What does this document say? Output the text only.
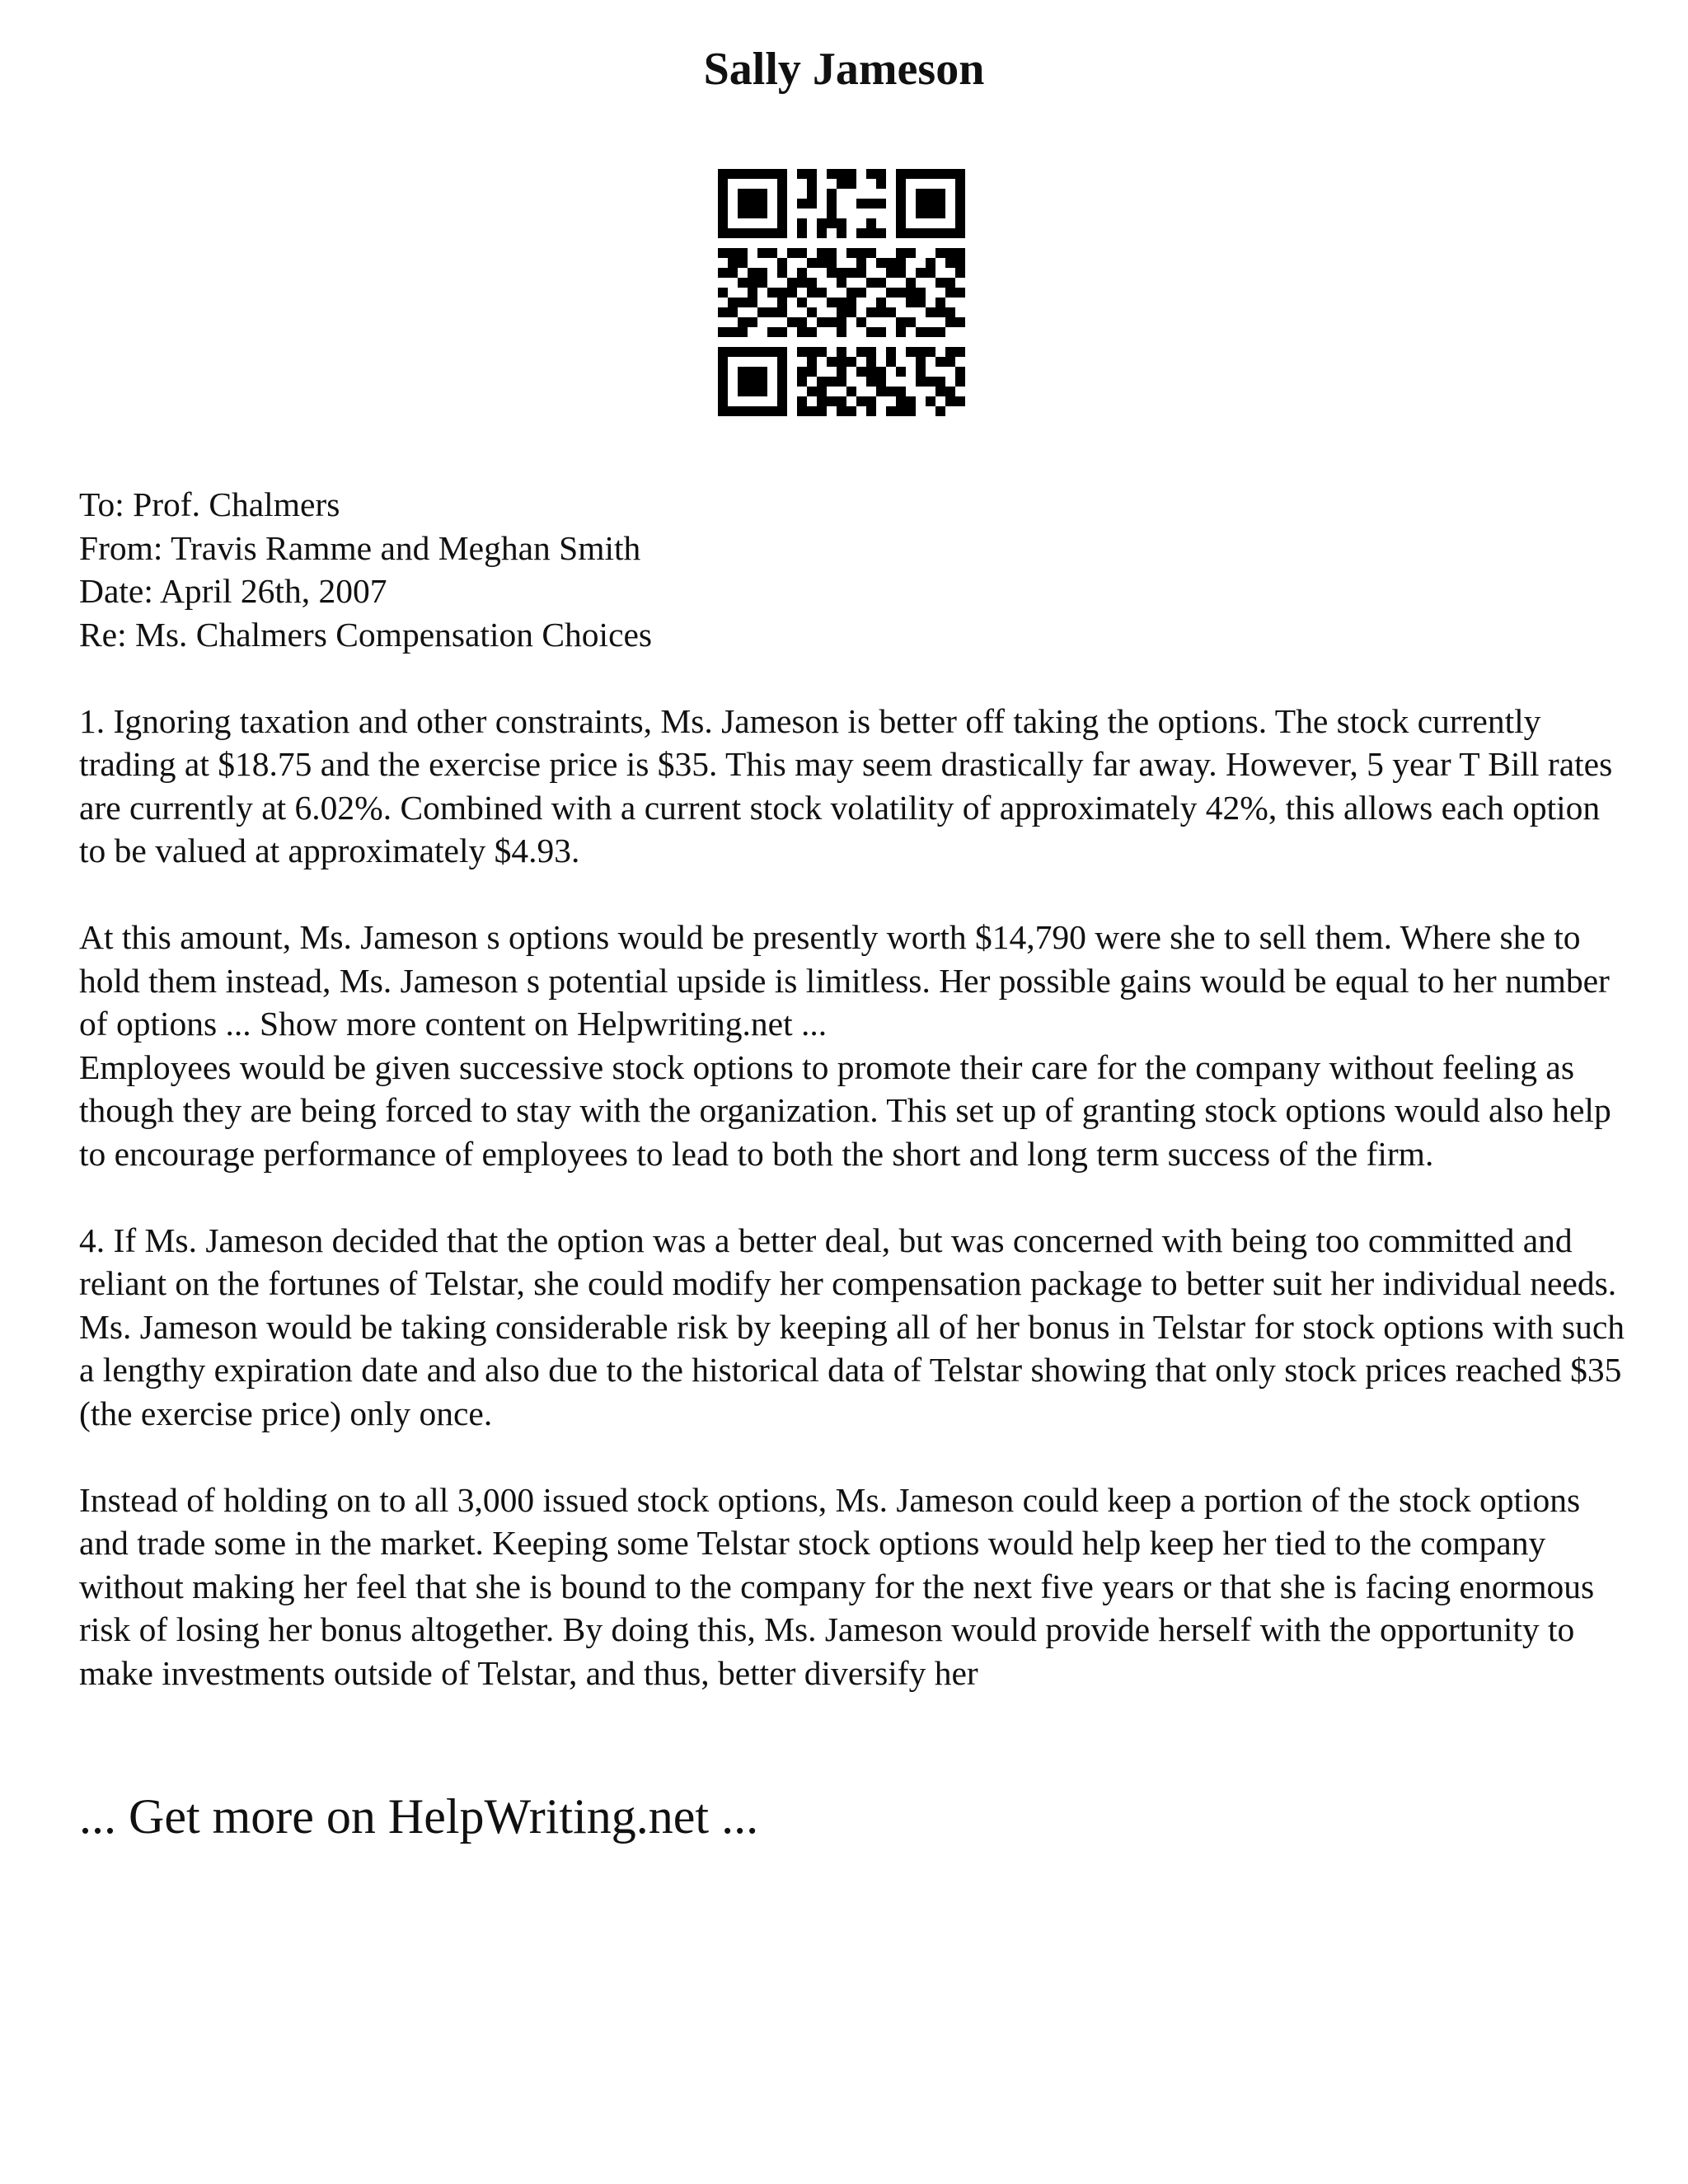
Sally Jameson

To: Prof. Chalmers

From: Travis Ramme and Meghan Smith

Date: April 26th, 2007

Re: Ms. Chalmers Compensation Choices

1. Ignoring taxation and other constraints, Ms. Jameson is better off taking the options. The stock currently trading at $18.75 and the exercise price is $35. This may seem drastically far away. However, 5 year T Bill rates are currently at 6.02%. Combined with a current stock volatility of approximately 42%, this allows each option to be valued at approximately $4.93.

At this amount, Ms. Jameson s options would be presently worth $14,790 were she to sell them. Where she to hold them instead, Ms. Jameson s potential upside is limitless. Her possible gains would be equal to her number of options ... Show more content on Helpwriting.net ...

Employees would be given successive stock options to promote their care for the company without feeling as though they are being forced to stay with the organization. This set up of granting stock options would also help to encourage performance of employees to lead to both the short and long term success of the firm.

4. If Ms. Jameson decided that the option was a better deal, but was concerned with being too committed and reliant on the fortunes of Telstar, she could modify her compensation package to better suit her individual needs. Ms. Jameson would be taking considerable risk by keeping all of her bonus in Telstar for stock options with such a lengthy expiration date and also due to the historical data of Telstar showing that only stock prices reached $35 (the exercise price) only once.

Instead of holding on to all 3,000 issued stock options, Ms. Jameson could keep a portion of the stock options and trade some in the market. Keeping some Telstar stock options would help keep her tied to the company without making her feel that she is bound to the company for the next five years or that she is facing enormous risk of losing her bonus altogether. By doing this, Ms. Jameson would provide herself with the opportunity to make investments outside of Telstar, and thus, better diversify her

... Get more on HelpWriting.net ...
